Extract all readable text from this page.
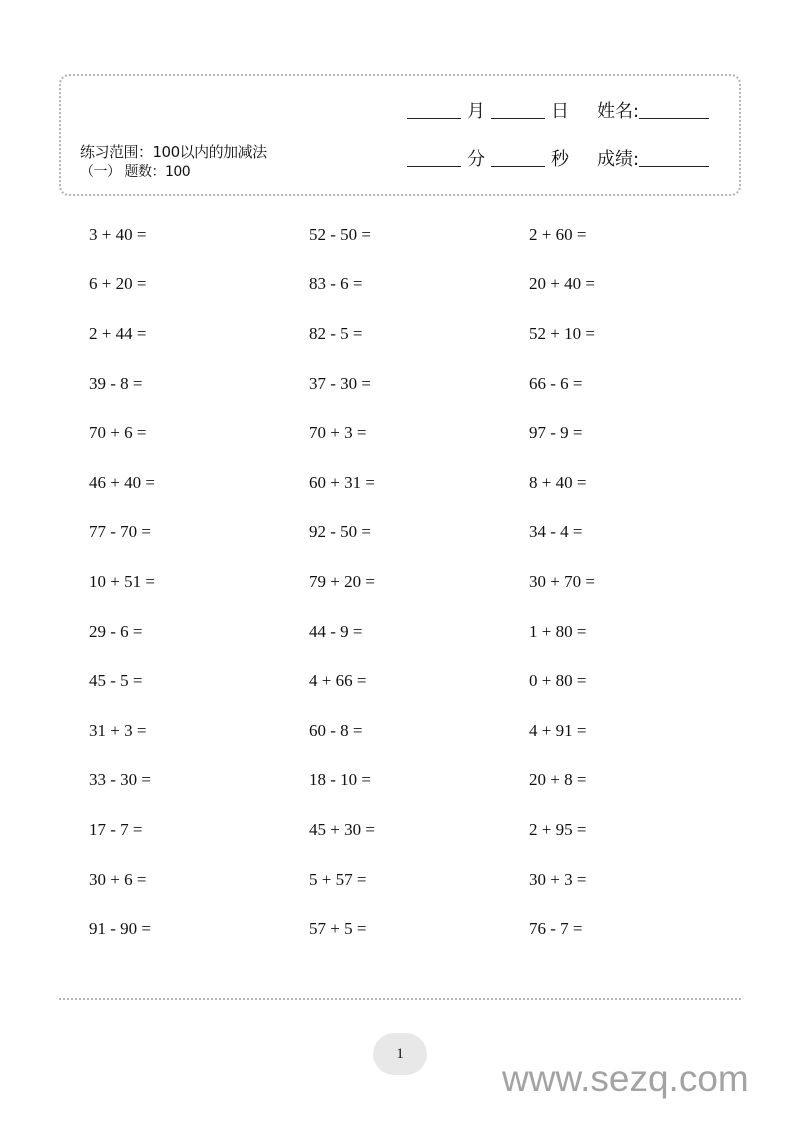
月	日 姓名:
分	秒 成绩:
练习范围：100以内的加减法
（一） 题数：100
3 + 40 =	52 - 50 =	2 + 60 =
6 + 20 =	83 - 6 =	20 + 40 =
2 + 44 =	82 - 5 =	52 + 10 =
39 - 8 =	37 - 30 =	66 - 6 =
70 + 6 =	70 + 3 =	97 - 9 =
46 + 40 =	60 + 31 =	8 + 40 =
77 - 70 =	92 - 50 =	34 - 4 =
10 + 51 =	79 + 20 =	30 + 70 =
29 - 6 =	44 - 9 =	1 + 80 =
45 - 5 =	4 + 66 =	0 + 80 =
31 + 3 =	60 - 8 =	4 + 91 =
33 - 30 =	18 - 10 =	20 + 8 =
17 - 7 =	45 + 30 =	2 + 95 =
30 + 6 =	5 + 57 =	30 + 3 =
91 - 90 =	57 + 5 =	76 - 7 =
1
www.sezq.com
